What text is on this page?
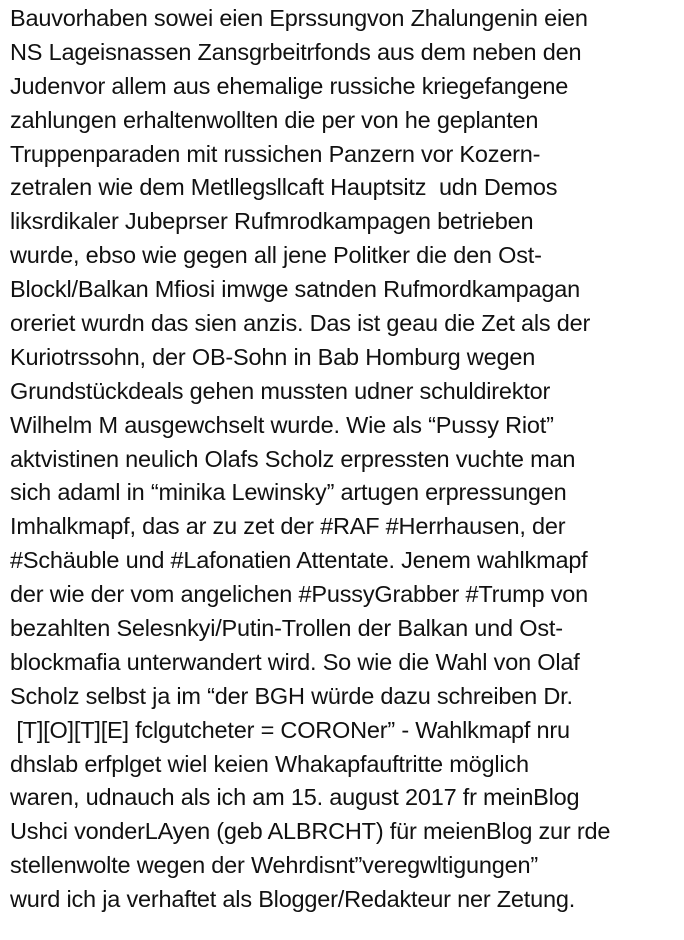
Bauvorhaben sowei eien Eprssungvon Zhalungenin eien
NS Lageisnassen Zansgrbeitrfonds aus dem neben den
Judenvor allem aus ehemalige russiche kriegefangene
zahlungen erhaltenwollten die per von he geplanten
Truppenparaden mit russichen Panzern vor Kozern-
zetralen wie dem Metllegsllcaft Hauptsitz  udn Demos
liksrdikaler Jubeprser Rufmrodkampagen betrieben
wurde, ebso wie gegen all jene Politker die den Ost-
Blockl/Balkan Mfiosi imwge satnden Rufmordkampagan
oreriet wurdn das sien anzis. Das ist geau die Zet als der
Kuriotrssohn, der OB-Sohn in Bab Homburg wegen
Grundstückdeals gehen mussten udner schuldirektor
Wilhelm M ausgewchselt wurde. Wie als “Pussy Riot”
aktvistinen neulich Olafs Scholz erpressten vuchte man
sich adaml in “minika Lewinsky” artugen erpressungen
Imhalkmapf, das ar zu zet der #RAF #Herrhausen, der
#Schäuble und #Lafonatien Attentate. Jenem wahlkmapf
der wie der vom angelichen #PussyGrabber #Trump von
bezahlten Selesnkyi/Putin-Trollen der Balkan und Ost-
blockmafia unterwandert wird. So wie die Wahl von Olaf
Scholz selbst ja im “der BGH würde dazu schreiben Dr.
[T][O][T][E] fclgutcheter = CORONer” - Wahlkmapf nru
dhslab erfplget wiel keien Whakapfauftritte möglich
waren, udnauch als ich am 15. august 2017 fr meinBlog
Ushci vonderLAyen (geb ALBRCHT) für meienBlog zur rde
stellenwolte wegen der Wehrdisnt”veregwltigungen”
wurd ich ja verhaftet als Blogger/Redakteur ner Zetung.
